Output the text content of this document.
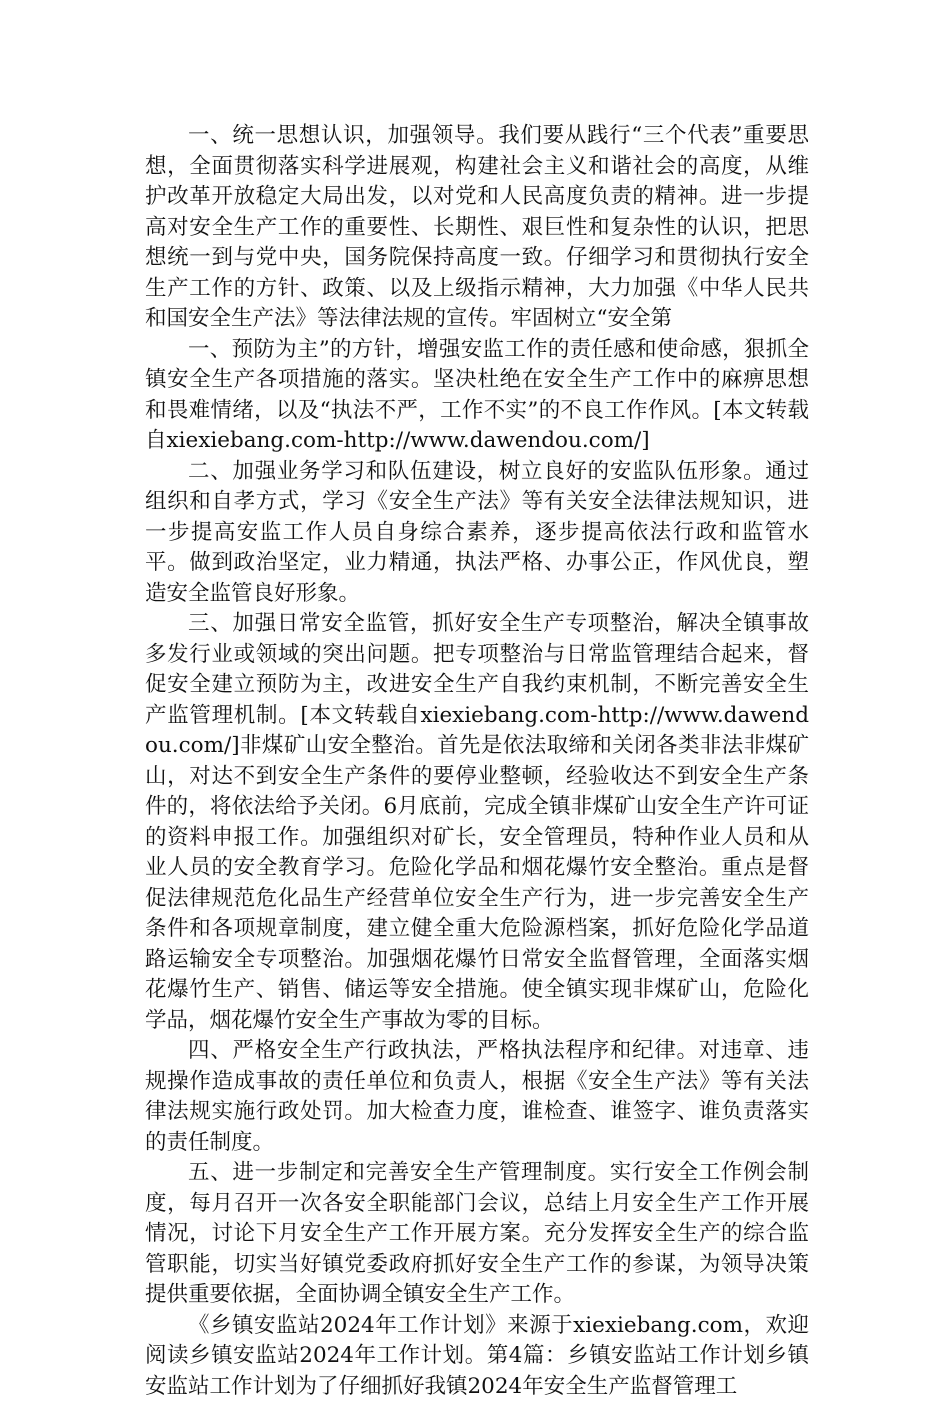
一、统一思想认识，加强领导。我们要从践行“三个代表”重要思想，全面贯彻落实科学进展观，构建社会主义和谐社会的高度，从维护改革开放稳定大局出发，以对党和人民高度负责的精神。进一步提高对安全生产工作的重要性、长期性、艰巨性和复杂性的认识，把思想统一到与党中央，国务院保持高度一致。仔细学习和贯彻执行安全生产工作的方针、政策、以及上级指示精神，大力加强《中华人民共和国安全生产法》等法律法规的宣传。牢固树立“安全第

一、预防为主”的方针，增强安监工作的责任感和使命感，狠抓全镇安全生产各项措施的落实。坚决杜绝在安全生产工作中的麻痹思想和畏难情绪，以及“执法不严，工作不实”的不良工作作风。[本文转载自xiexiebang.com-http://www.dawendou.com/]

二、加强业务学习和队伍建设，树立良好的安监队伍形象。通过组织和自孝方式，学习《安全生产法》等有关安全法律法规知识，进一步提高安监工作人员自身综合素养，逐步提高依法行政和监管水平。做到政治坚定，业力精通，执法严格、办事公正，作风优良，塑造安全监管良好形象。

三、加强日常安全监管，抓好安全生产专项整治，解决全镇事故多发行业或领域的突出问题。把专项整治与日常监管理结合起来，督促安全建立预防为主，改进安全生产自我约束机制，不断完善安全生产监管理机制。[本文转载自xiexiebang.com-http://www.dawendou.com/]非煤矿山安全整治。首先是依法取缔和关闭各类非法非煤矿山，对达不到安全生产条件的要停业整顿，经验收达不到安全生产条件的，将依法给予关闭。6月底前，完成全镇非煤矿山安全生产许可证的资料申报工作。加强组织对矿长，安全管理员，特种作业人员和从业人员的安全教育学习。危险化学品和烟花爆竹安全整治。重点是督促法律规范危化品生产经营单位安全生产行为，进一步完善安全生产条件和各项规章制度，建立健全重大危险源档案，抓好危险化学品道路运输安全专项整治。加强烟花爆竹日常安全监督管理，全面落实烟花爆竹生产、销售、储运等安全措施。使全镇实现非煤矿山，危险化学品，烟花爆竹安全生产事故为零的目标。

四、严格安全生产行政执法，严格执法程序和纪律。对违章、违规操作造成事故的责任单位和负责人，根据《安全生产法》等有关法律法规实施行政处罚。加大检查力度，谁检查、谁签字、谁负责落实的责任制度。

五、进一步制定和完善安全生产管理制度。实行安全工作例会制度，每月召开一次各安全职能部门会议，总结上月安全生产工作开展情况，讨论下月安全生产工作开展方案。充分发挥安全生产的综合监管职能，切实当好镇党委政府抓好安全生产工作的参谋，为领导决策提供重要依据，全面协调全镇安全生产工作。

《乡镇安监站2024年工作计划》来源于xiexiebang.com，欢迎阅读乡镇安监站2024年工作计划。第4篇：乡镇安监站工作计划乡镇安监站工作计划为了仔细抓好我镇2024年安全生产监督管理工
